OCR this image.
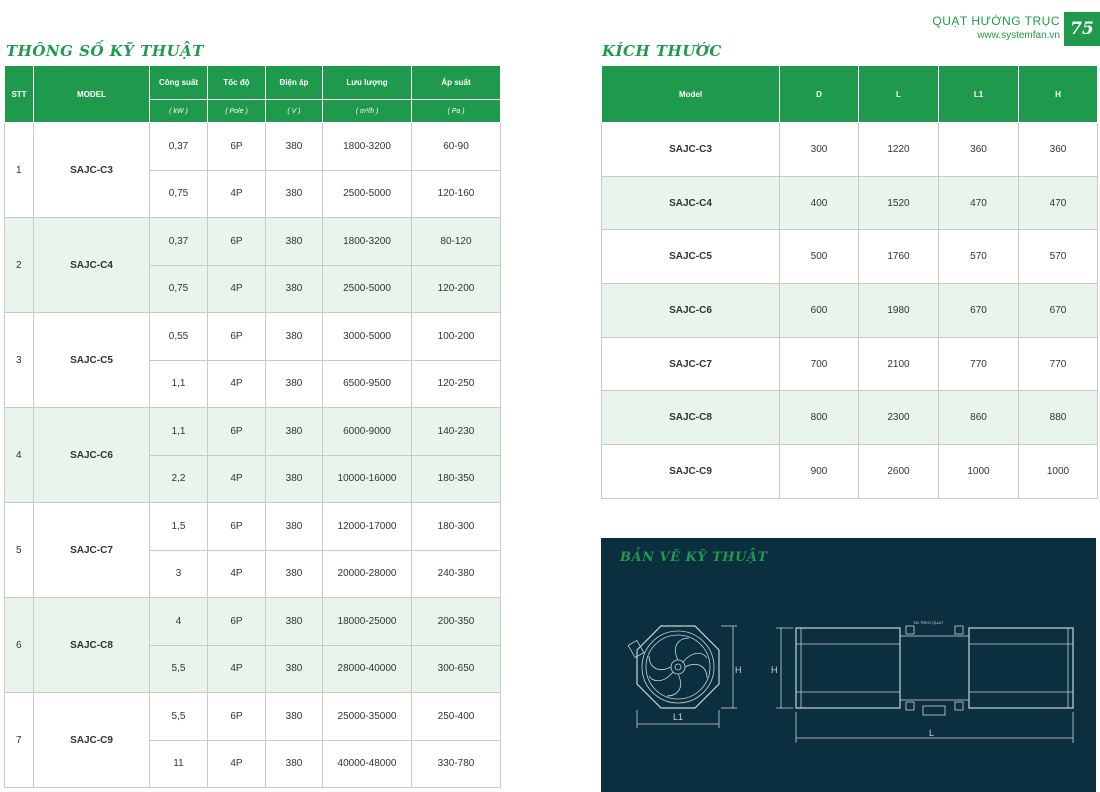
QUẠT HƯỚNG TRỤC
www.systemfan.vn 75
THÔNG SỐ KỸ THUẬT	KÍCH THƯỚC
STT	MODEL	Công suất	Tốc độ	Điện áp	Lưu lượng	Áp suất
		( kW )	( Pole )	( V )	( m³/h )	( Pa )
1	SAJC-C3	0,37	6P	380	1800-3200	60-90
		0,75	4P	380	2500-5000	120-160
2	SAJC-C4	0,37	6P	380	1800-3200	80-120
		0,75	4P	380	2500-5000	120-200
3	SAJC-C5	0,55	6P	380	3000-5000	100-200
		1,1	4P	380	6500-9500	120-250
4	SAJC-C6	1,1	6P	380	6000-9000	140-230
		2,2	4P	380	10000-16000	180-350
5	SAJC-C7	1,5	6P	380	12000-17000	180-300
		3	4P	380	20000-28000	240-380
6	SAJC-C8	4	6P	380	18000-25000	200-350
		5,5	4P	380	28000-40000	300-650
7	SAJC-C9	5,5	6P	380	25000-35000	250-400
		11	4P	380	40000-48000	330-780
Model	D	L	L1	H
SAJC-C3	300	1220	360	360
SAJC-C4	400	1520	470	470
SAJC-C5	500	1760	570	570
SAJC-C6	600	1980	670	670
SAJC-C7	700	2100	770	770
SAJC-C8	800	2300	860	880
SAJC-C9	900	2600	1000	1000
BẢN VẼ KỸ THUẬT
H
L1
H
L
TAI TREO QUẠT
